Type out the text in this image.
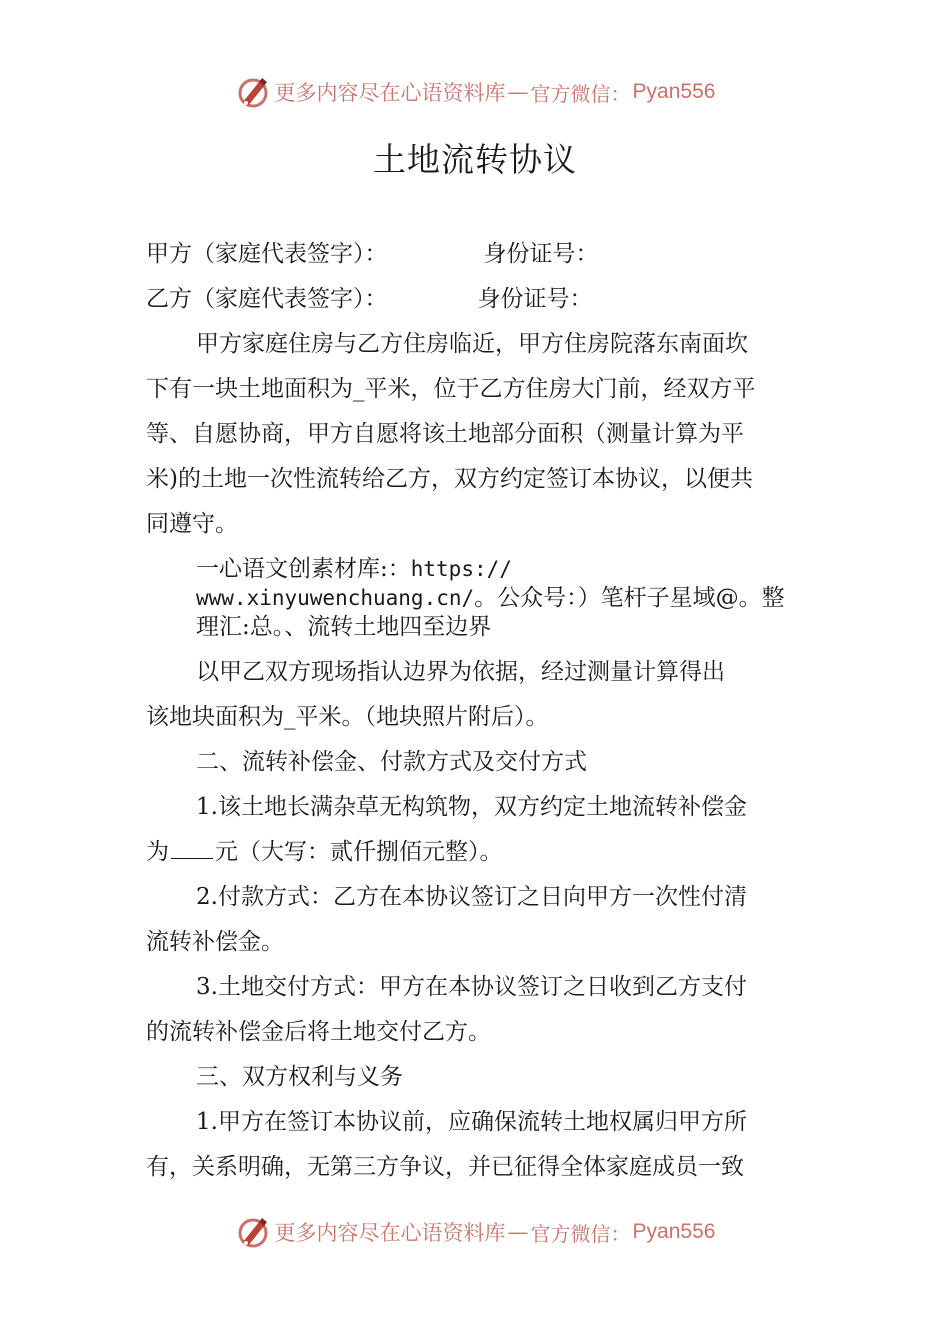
更多内容尽在心语资料库 — 官方微信： Pyan556
土地流转协议
甲方（家庭代表签字）：	身份证号：
乙方（家庭代表签字）：	身份证号：
甲方家庭住房与乙方住房临近，甲方住房院落东南面坎
下有一块土地面积为_平米，位于乙方住房大门前，经双方平
等、自愿协商，甲方自愿将该土地部分面积（测量计算为平
米)的土地一次性流转给乙方，双方约定签订本协议，以便共
同遵守。
一心语文创素材库:：https://
www.xinyuwenchuang.cn/。公众号：）笔杆子星域@。整
理汇:总。、流转土地四至边界
以甲乙双方现场指认边界为依据，经过测量计算得出
该地块面积为_平米。（地块照片附后）。
二、流转补偿金、付款方式及交付方式
1.该土地长满杂草无构筑物，双方约定土地流转补偿金
为 元（大写：贰仟捌佰元整）。
2.付款方式：乙方在本协议签订之日向甲方一次性付清
流转补偿金。
3.土地交付方式：甲方在本协议签订之日收到乙方支付
的流转补偿金后将土地交付乙方。
三、双方权利与义务
1.甲方在签订本协议前，应确保流转土地权属归甲方所
有，关系明确，无第三方争议，并已征得全体家庭成员一致
更多内容尽在心语资料库 — 官方微信： Pyan556
